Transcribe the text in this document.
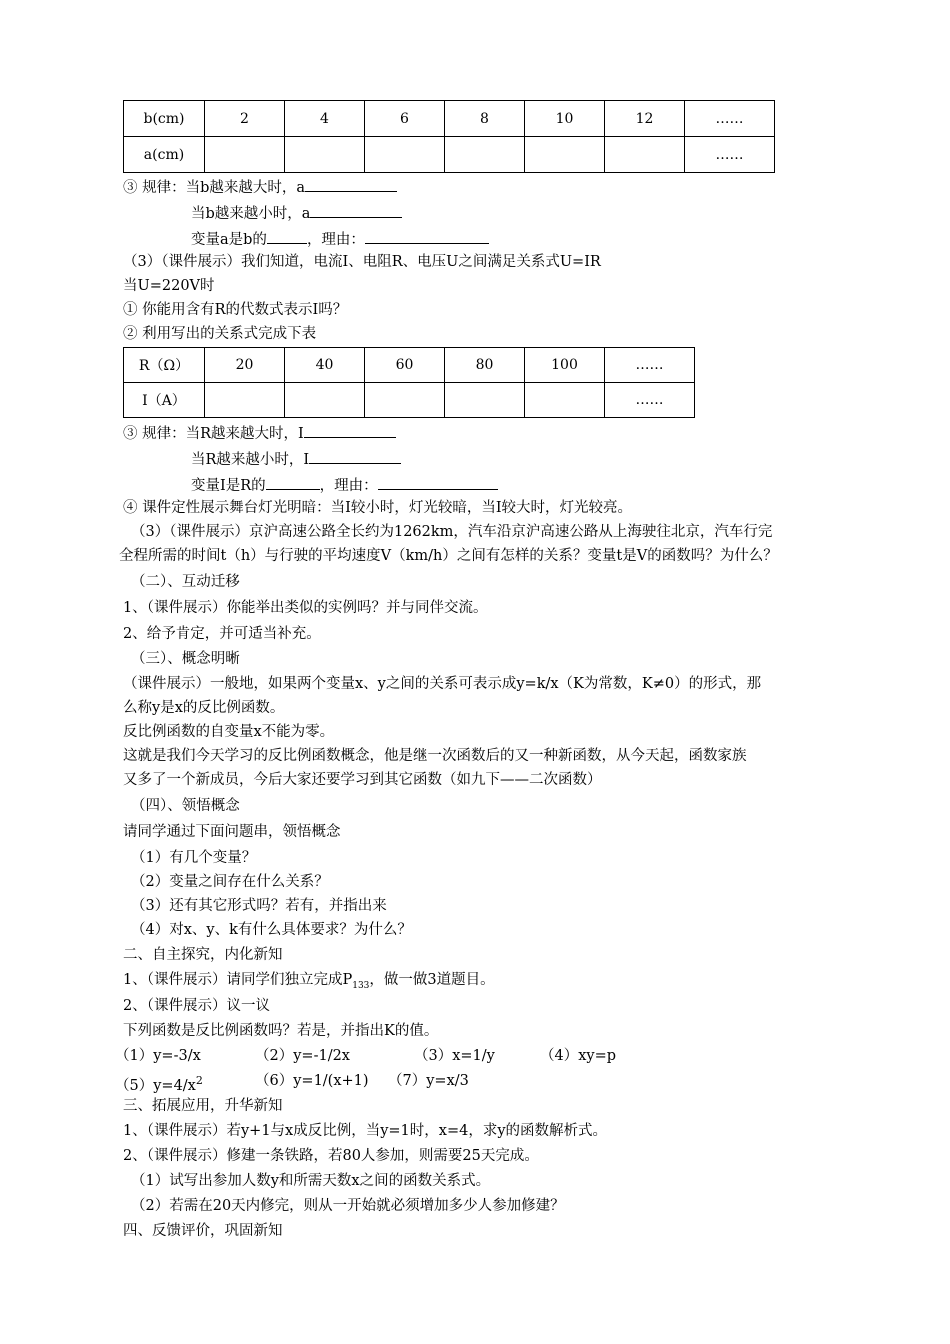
b(cm)	2	4	6	8	10	12	……
a(cm)							……
③ 规律：当b越来越大时，a
当b越来越小时，a
变量a是b的	，理由：
（3）（课件展示）我们知道，电流I、电阻R、电压U之间满足关系式U=IR
当U=220V时
① 你能用含有R的代数式表示I吗？
② 利用写出的关系式完成下表
R（Ω）	20	40	60	80	100	……
I（A）						……
③ 规律：当R越来越大时，I
当R越来越小时，I
变量I是R的	，理由：
④ 课件定性展示舞台灯光明暗：当I较小时，灯光较暗，当I较大时，灯光较亮。
（3）（课件展示）京沪高速公路全长约为1262km，汽车沿京沪高速公路从上海驶往北京，汽车行完
全程所需的时间t（h）与行驶的平均速度V（km/h）之间有怎样的关系？变量t是V的函数吗？为什么？
（二）、互动迁移
1、（课件展示）你能举出类似的实例吗？并与同伴交流。
2、给予肯定，并可适当补充。
（三）、概念明晰
（课件展示）一般地，如果两个变量x、y之间的关系可表示成y=k/x（K为常数，K≠0）的形式，那
么称y是x的反比例函数。
反比例函数的自变量x不能为零。
这就是我们今天学习的反比例函数概念，他是继一次函数后的又一种新函数，从今天起，函数家族
又多了一个新成员，今后大家还要学习到其它函数（如九下——二次函数）
（四）、领悟概念
请同学通过下面问题串，领悟概念
（1）有几个变量？
（2）变量之间存在什么关系？
（3）还有其它形式吗？若有，并指出来
（4）对x、y、k有什么具体要求？为什么？
二、自主探究，内化新知
1、（课件展示）请同学们独立完成$P_{133}$，做一做3道题目。
2、（课件展示）议一议
下列函数是反比例函数吗？若是，并指出K的值。
（1）y=-3/x	（2）y=-1/2x	（3）x=1/y	（4）xy=p
$(5)y=4/x^2$	（6）y=1/(x+1) （7）y=x/3
三、拓展应用，升华新知
1、（课件展示）若y+1与x成反比例，当y=1时，x=4，求y的函数解析式。
2、（课件展示）修建一条铁路，若80人参加，则需要25天完成。
（1）试写出参加人数y和所需天数x之间的函数关系式。
（2）若需在20天内修完，则从一开始就必须增加多少人参加修建？
四、反馈评价，巩固新知
